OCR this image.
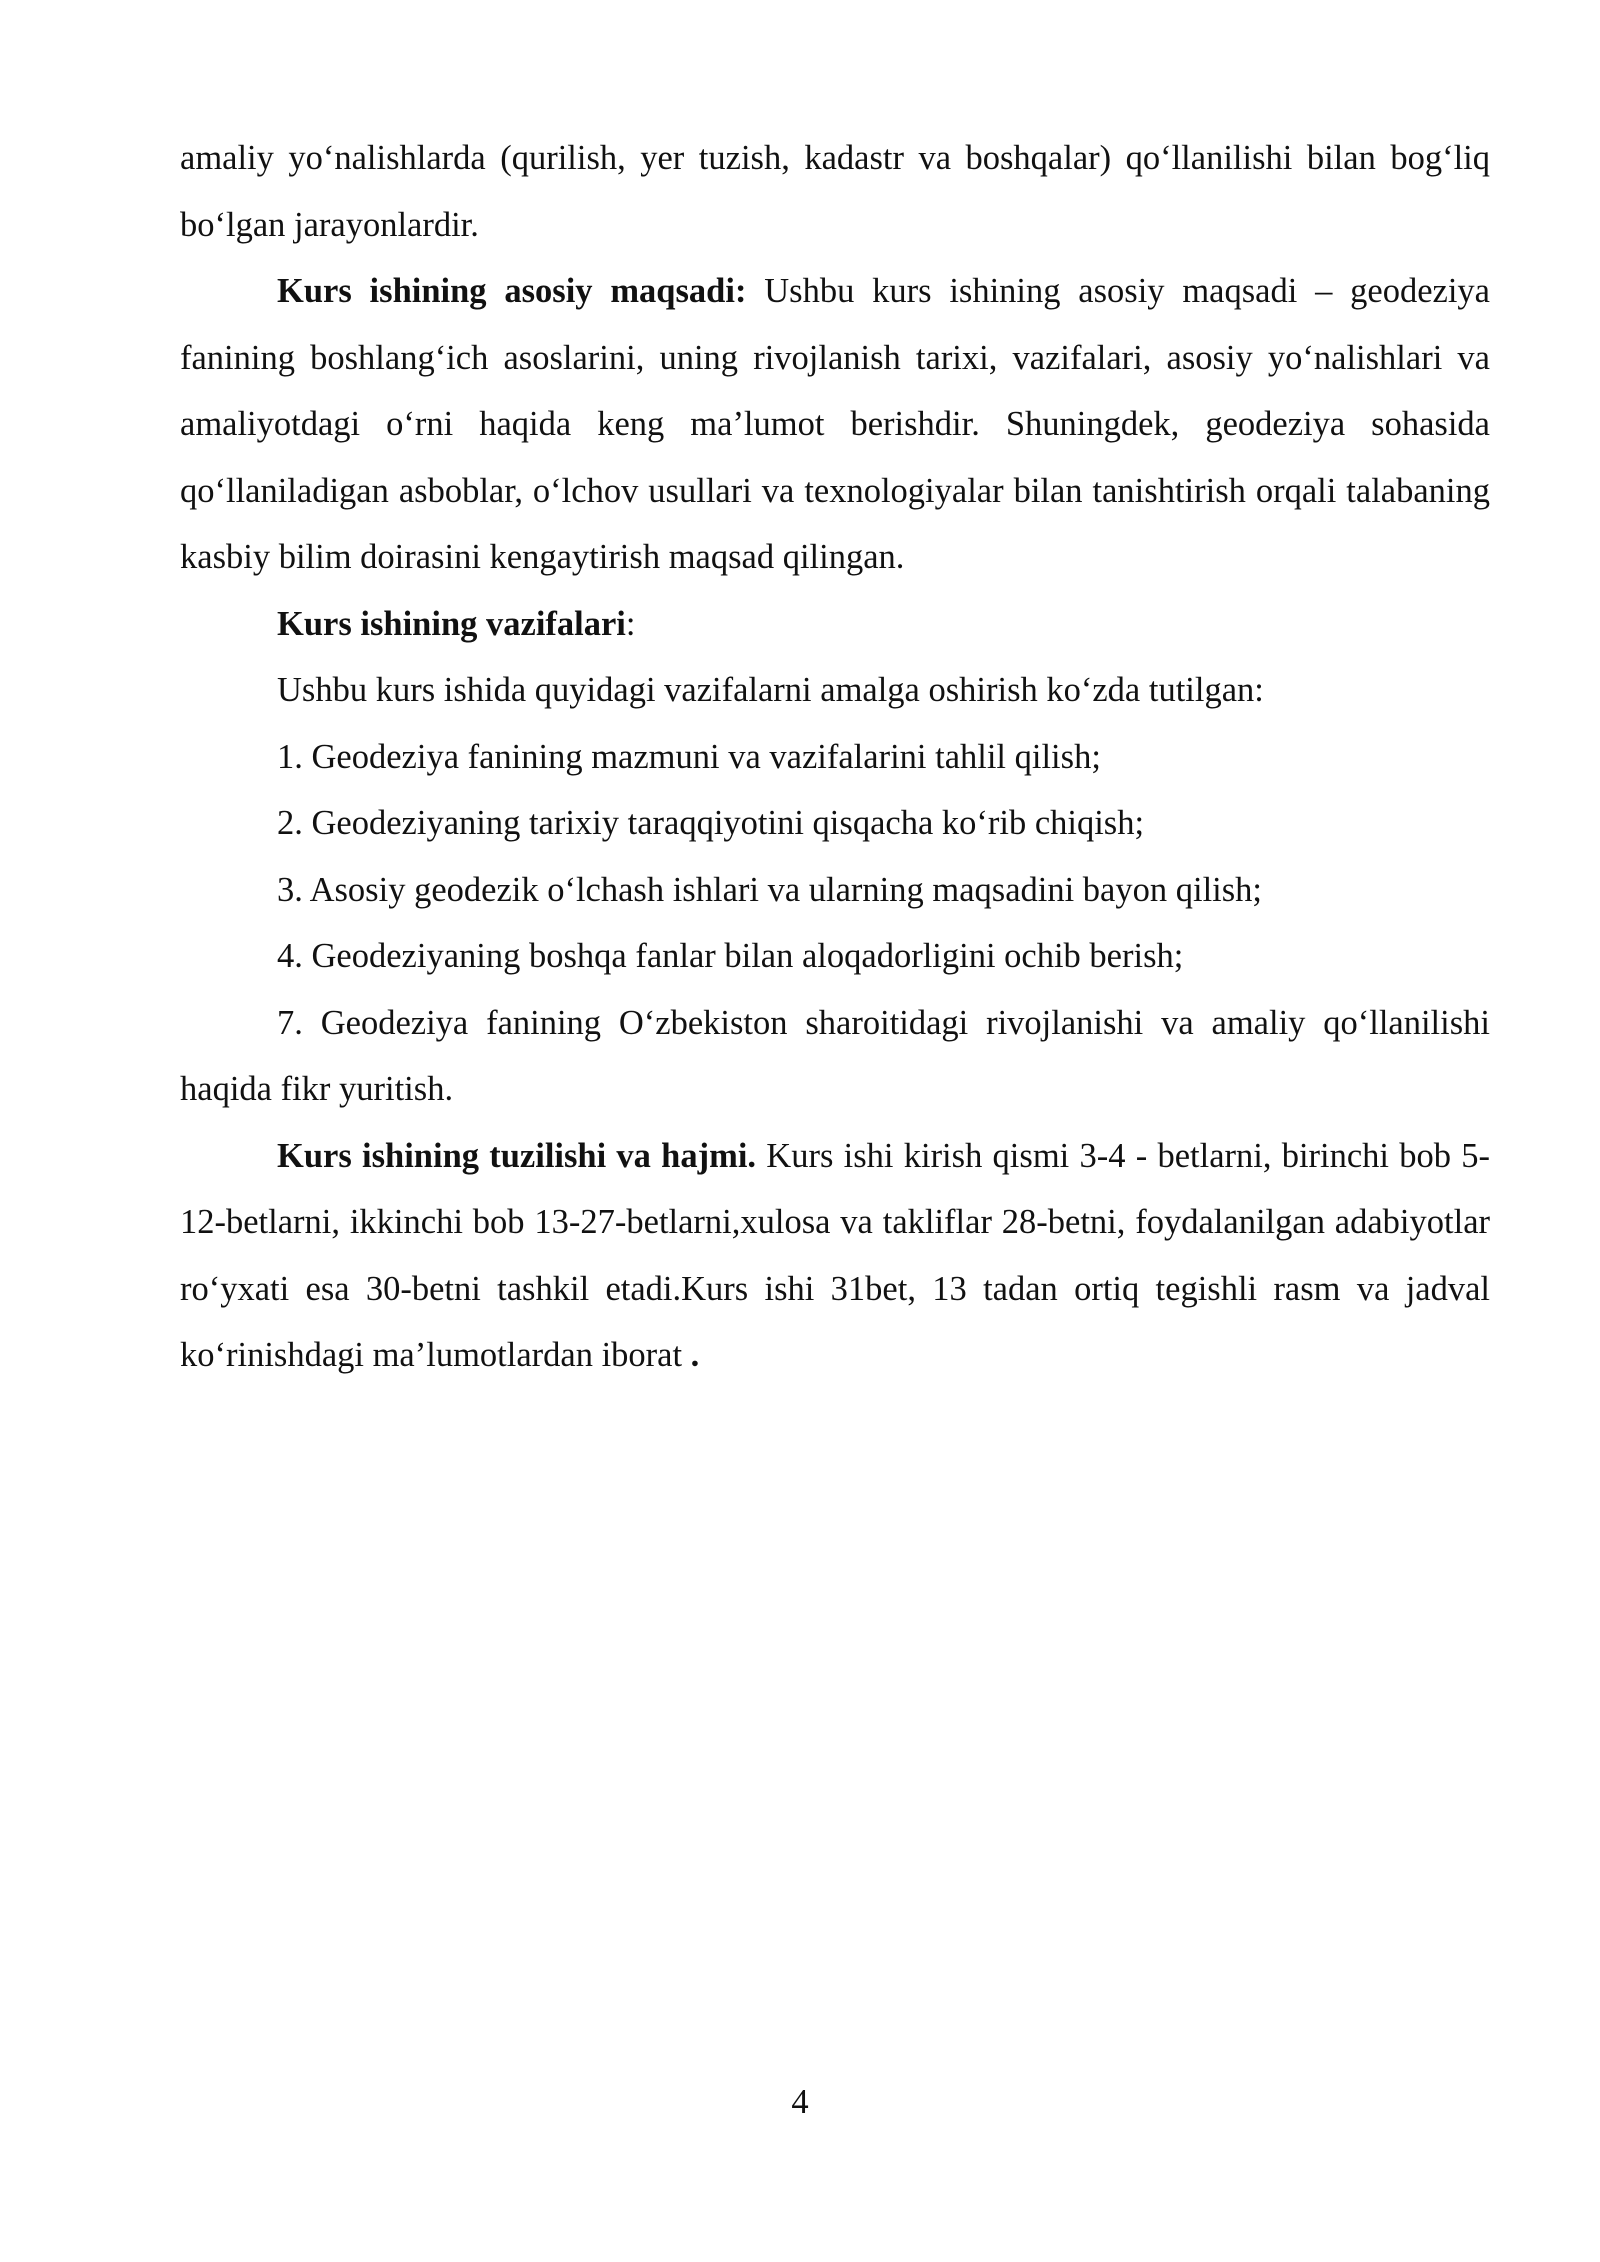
amaliy yo‘nalishlarda (qurilish, yer tuzish, kadastr va boshqalar) qo‘llanilishi bilan bog‘liq bo‘lgan jarayonlardir.

Kurs ishining asosiy maqsadi: Ushbu kurs ishining asosiy maqsadi – geodeziya fanining boshlang‘ich asoslarini, uning rivojlanish tarixi, vazifalari, asosiy yo‘nalishlari va amaliyotdagi o‘rni haqida keng ma’lumot berishdir. Shuningdek, geodeziya sohasida qo‘llaniladigan asboblar, o‘lchov usullari va texnologiyalar bilan tanishtirish orqali talabaning kasbiy bilim doirasini kengaytirish maqsad qilingan.

Kurs ishining vazifalari:

Ushbu kurs ishida quyidagi vazifalarni amalga oshirish ko‘zda tutilgan:

1. Geodeziya fanining mazmuni va vazifalarini tahlil qilish;

2. Geodeziyaning tarixiy taraqqiyotini qisqacha ko‘rib chiqish;

3. Asosiy geodezik o‘lchash ishlari va ularning maqsadini bayon qilish;

4. Geodeziyaning boshqa fanlar bilan aloqadorligini ochib berish;

7. Geodeziya fanining O‘zbekiston sharoitidagi rivojlanishi va amaliy qo‘llanilishi haqida fikr yuritish.

Kurs ishining tuzilishi va hajmi. Kurs ishi kirish qismi 3-4 - betlarni, birinchi bob 5-12-betlarni, ikkinchi bob 13-27-betlarni,xulosa va takliflar 28-betni, foydalanilgan adabiyotlar ro‘yxati esa 30-betni tashkil etadi.Kurs ishi 31bet, 13 tadan ortiq tegishli rasm va jadval ko‘rinishdagi ma’lumotlardan iborat .

4
